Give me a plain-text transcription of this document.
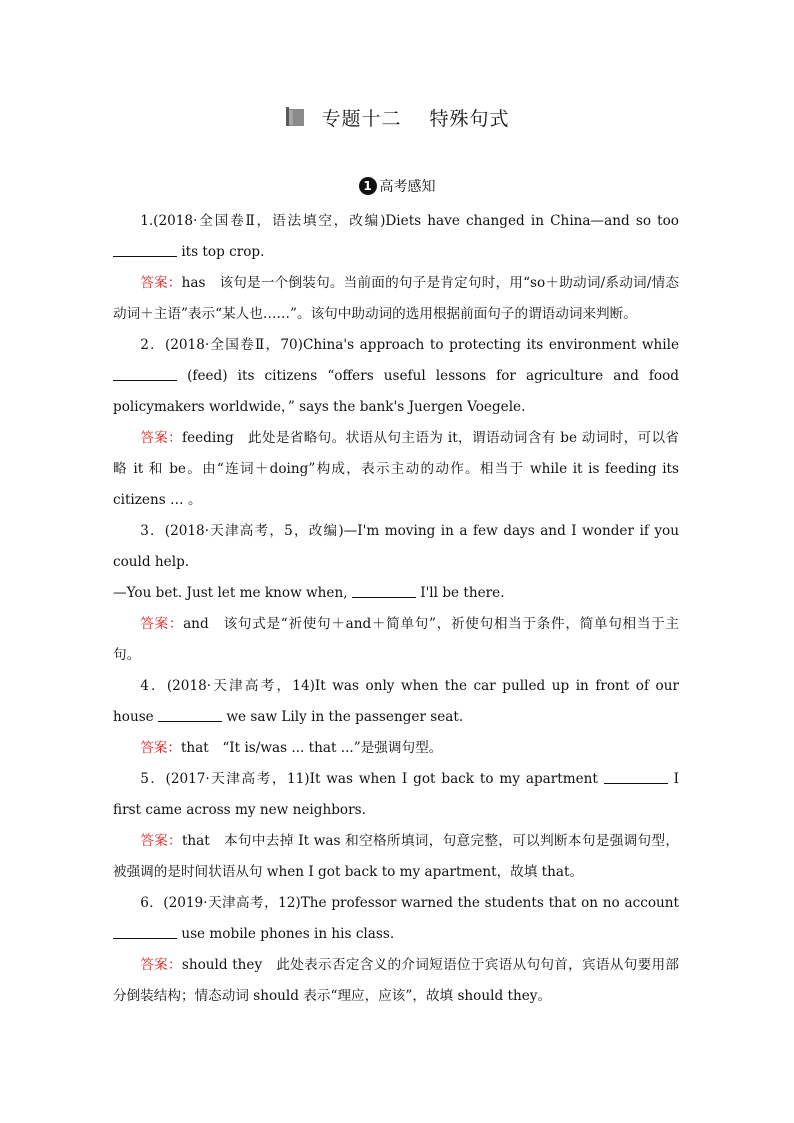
专题十二 特殊句式
1 高考感知

1.(2018·全国卷Ⅱ，语法填空，改编)Diets have changed in China—and so too  its top crop.

答案：has　该句是一个倒装句。当前面的句子是肯定句时，用“so＋助动词/系动词/情态动词＋主语”表示“某人也……”。该句中助动词的选用根据前面句子的谓语动词来判断。

2．(2018·全国卷Ⅱ，70)China's approach to protecting its environment while  (feed) its citizens “offers useful lessons for agriculture and food policymakers worldwide，” says the bank's Juergen Voegele.

答案：feeding　此处是省略句。状语从句主语为 it，谓语动词含有 be 动词时，可以省略 it 和 be。由“连词＋doing”构成，表示主动的动作。相当于 while it is feeding its citizens … 。

3．(2018·天津高考，5，改编)—I'm moving in a few days and I wonder if you could help.

—You bet. Just let me know when,	I'll be there.

答案：and　该句式是“祈使句＋and＋简单句”，祈使句相当于条件，简单句相当于主句。

4．(2018·天津高考，14)It was only when the car pulled up in front of our house	we saw Lily in the passenger seat.

答案：that　“It is/was ... that ...”是强调句型。

5．(2017·天津高考，11)It was when I got back to my apartment	I first came across my new neighbors.

答案：that　本句中去掉 It was 和空格所填词，句意完整，可以判断本句是强调句型，被强调的是时间状语从句 when I got back to my apartment，故填 that。

6．(2019·天津高考，12)The professor warned the students that on no account  use mobile phones in his class.

答案：should they　此处表示否定含义的介词短语位于宾语从句句首，宾语从句要用部分倒装结构；情态动词 should 表示“理应，应该”，故填 should they。
